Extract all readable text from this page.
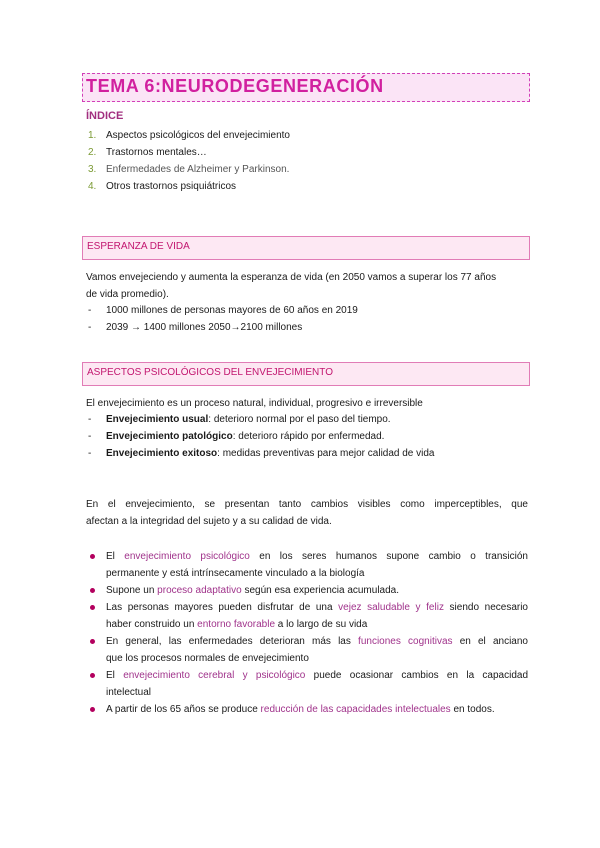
TEMA 6:NEURODEGENERACIÓN
ÍNDICE
1. Aspectos psicológicos del envejecimiento
2. Trastornos mentales…
3. Enfermedades de Alzheimer y Parkinson.
4. Otros trastornos psiquiátricos
ESPERANZA DE VIDA
Vamos envejeciendo y aumenta la esperanza de vida (en 2050 vamos a superar los 77 años
de vida promedio).
- 1000 millones de personas mayores de 60 años en 2019
- 2039 → 1400 millones 2050→2100 millones
ASPECTOS PSICOLÓGICOS DEL ENVEJECIMIENTO
El envejecimiento es un proceso natural, individual, progresivo e irreversible
- Envejecimiento usual: deterioro normal por el paso del tiempo.
- Envejecimiento patológico: deterioro rápido por enfermedad.
- Envejecimiento exitoso: medidas preventivas para mejor calidad de vida
En el envejecimiento, se presentan tanto cambios visibles como imperceptibles, que
afectan a la integridad del sujeto y a su calidad de vida.
El envejecimiento psicológico en los seres humanos supone cambio o transición
permanente y está intrínsecamente vinculado a la biología
Supone un proceso adaptativo según esa experiencia acumulada.
Las personas mayores pueden disfrutar de una vejez saludable y feliz siendo necesario
haber construido un entorno favorable a lo largo de su vida
En general, las enfermedades deterioran más las funciones cognitivas en el anciano
que los procesos normales de envejecimiento
El envejecimiento cerebral y psicológico puede ocasionar cambios en la capacidad
intelectual
A partir de los 65 años se produce reducción de las capacidades intelectuales en todos.
